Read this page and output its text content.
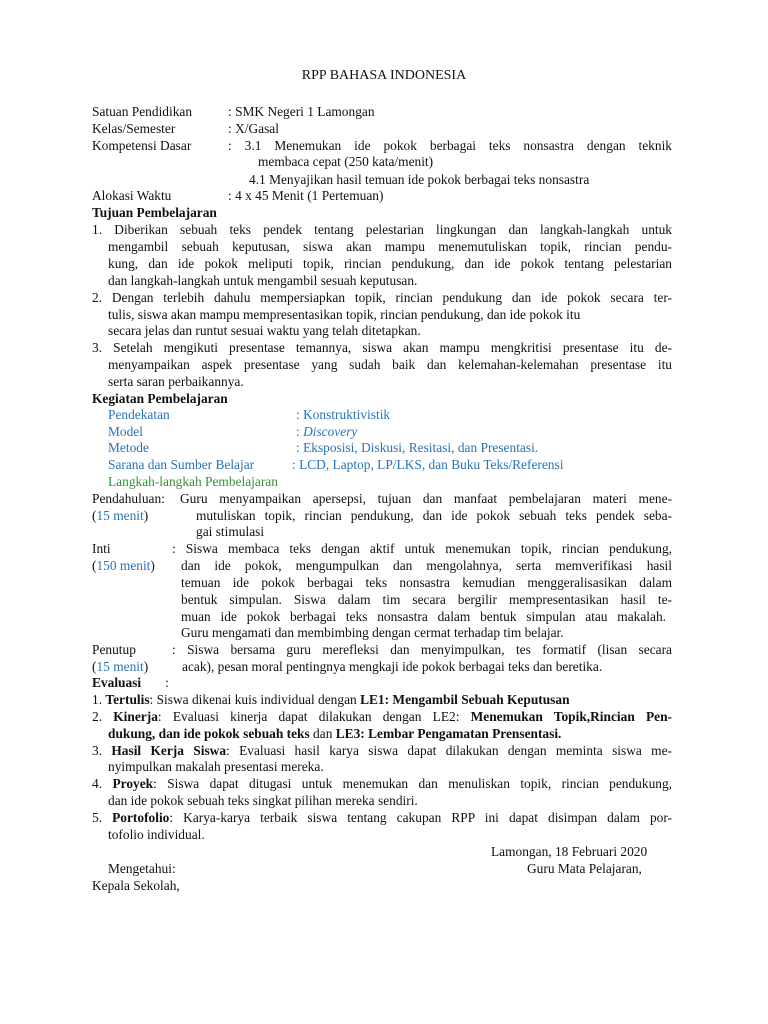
RPP BAHASA INDONESIA
Satuan Pendidikan	: SMK Negeri 1 Lamongan
Kelas/Semester	: X/Gasal
Kompetensi Dasar	: 3.1 Menemukan ide pokok berbagai teks nonsastra dengan teknik
membaca cepat (250 kata/menit)
4.1 Menyajikan hasil temuan ide pokok berbagai teks nonsastra
Alokasi Waktu	: 4 x 45 Menit (1 Pertemuan)
Tujuan Pembelajaran
1. Diberikan sebuah teks pendek tentang pelestarian lingkungan dan langkah-langkah untuk
mengambil sebuah keputusan, siswa akan mampu menemutuliskan topik, rincian pendu-
kung, dan ide pokok meliputi topik, rincian pendukung, dan ide pokok tentang pelestarian
dan langkah-langkah untuk mengambil sesuah keputusan.
2. Dengan terlebih dahulu mempersiapkan topik, rincian pendukung dan ide pokok secara ter-
tulis, siswa akan mampu mempresentasikan topik, rincian pendukung, dan ide pokok itu
secara jelas dan runtut sesuai waktu yang telah ditetapkan.
3. Setelah mengikuti presentase temannya, siswa akan mampu mengkritisi presentase itu de-
menyampaikan aspek presentase yang sudah baik dan kelemahan-kelemahan presentase itu
serta saran perbaikannya.
Kegiatan Pembelajaran
Pendekatan	: Konstruktivistik
Model	: Discovery
Metode	: Eksposisi, Diskusi, Resitasi, dan Presentasi.
Sarana dan Sumber Belajar	: LCD, Laptop, LP/LKS, dan Buku Teks/Referensi
Langkah-langkah Pembelajaran
Pendahuluan: Guru menyampaikan apersepsi, tujuan dan manfaat pembelajaran materi mene-
(15 menit)	mutuliskan topik, rincian pendukung, dan ide pokok sebuah teks pendek seba-
gai stimulasi
Inti	: Siswa membaca teks dengan aktif untuk menemukan topik, rincian pendukung,
(150 menit) dan ide pokok, mengumpulkan dan mengolahnya, serta memverifikasi hasil
temuan ide pokok berbagai teks nonsastra kemudian menggeralisasikan dalam
bentuk simpulan. Siswa dalam tim secara bergilir mempresentasikan hasil te-
muan ide pokok berbagai teks nonsastra dalam bentuk simpulan atau makalah.
Guru mengamati dan membimbing dengan cermat terhadap tim belajar.
Penutup	: Siswa bersama guru merefleksi dan menyimpulkan, tes formatif (lisan secara
(15 menit)	acak), pesan moral pentingnya mengkaji ide pokok berbagai teks dan beretika.
Evaluasi :
1. Tertulis: Siswa dikenai kuis individual dengan LE1: Mengambil Sebuah Keputusan
2. Kinerja: Evaluasi kinerja dapat dilakukan dengan LE2: Menemukan Topik,Rincian Pen-
dukung, dan ide pokok sebuah teks dan LE3: Lembar Pengamatan Prensentasi.
3. Hasil Kerja Siswa: Evaluasi hasil karya siswa dapat dilakukan dengan meminta siswa me-
nyimpulkan makalah presentasi mereka.
4. Proyek: Siswa dapat ditugasi untuk menemukan dan menuliskan topik, rincian pendukung,
dan ide pokok sebuah teks singkat pilihan mereka sendiri.
5. Portofolio: Karya-karya terbaik siswa tentang cakupan RPP ini dapat disimpan dalam por-
tofolio individual.
Lamongan, 18 Februari 2020
Mengetahui:	Guru Mata Pelajaran,
Kepala Sekolah,
